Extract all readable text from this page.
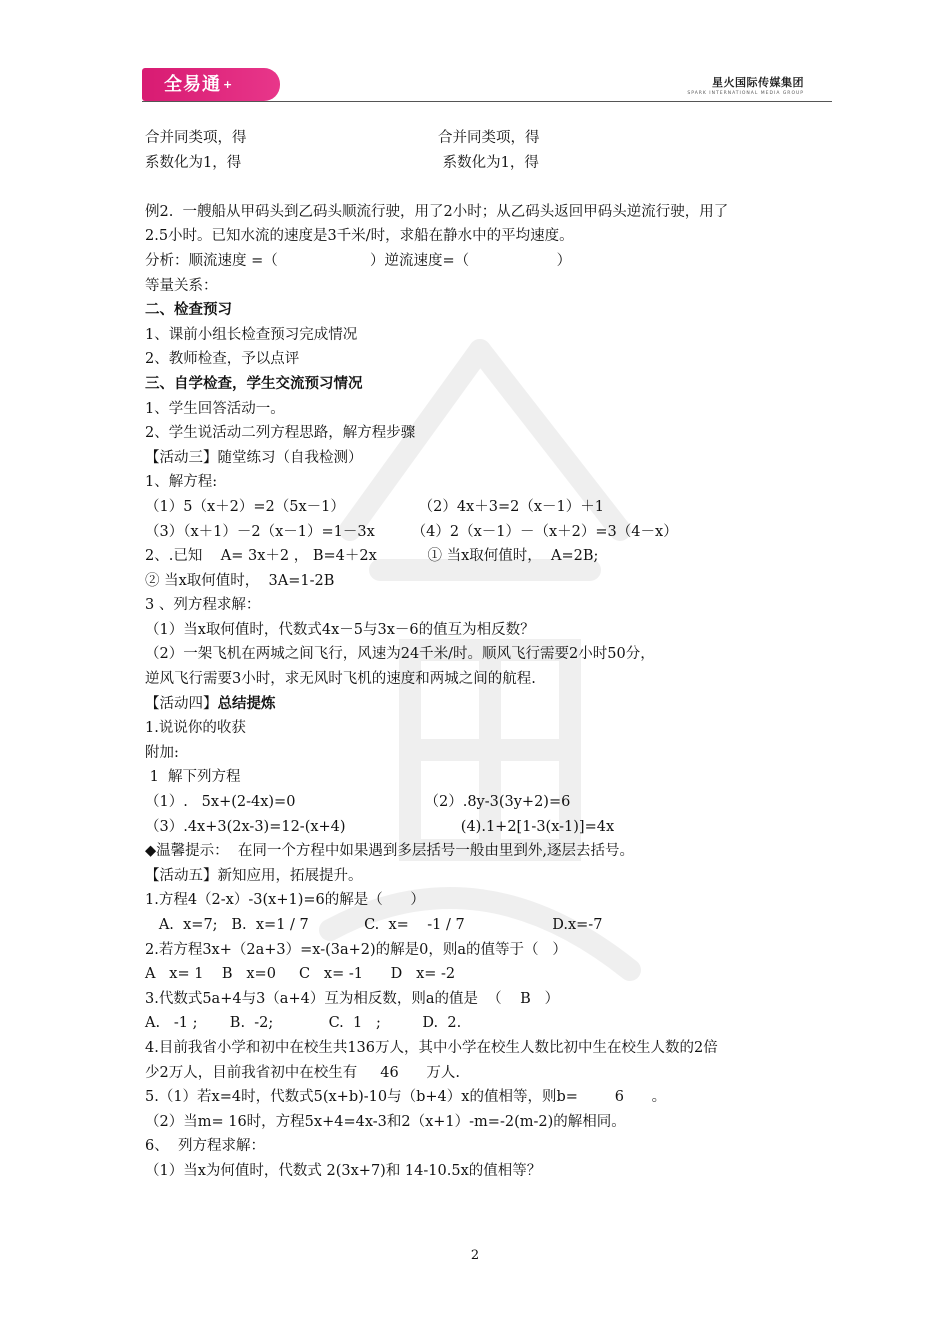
全易通 +	星火国际传媒集团
SPARK INTERNATIONAL MEDIA GROUP
合并同类项，得	合并同类项，得
系数化为1，得	系数化为1，得
例2.  一艘船从甲码头到乙码头顺流行驶，用了2小时；从乙码头返回甲码头逆流行驶，用了
2.5小时。已知水流的速度是3千米/时，求船在静水中的平均速度。
分析：顺流速度 =（                    ）逆流速度=（                   ）
等量关系：
二、检查预习
1、课前小组长检查预习完成情况
2、教师检查，予以点评
三、自学检查，学生交流预习情况
1、学生回答活动一。
2、学生说活动二列方程思路，解方程步骤
【活动三】随堂练习（自我检测）
1、解方程:
（1）5（x＋2）=2（5x－1）                （2）4x＋3=2（x－1）＋1
（3）（x＋1）－2（x－1）=1－3x        （4）2（x－1）－（x＋2）=3（4－x）
2、.已知    A= 3x＋2 ， B=4＋2x           ① 当x取何值时，  A=2B;
② 当x取何值时，  3A=1-2B
3 、列方程求解：
（1）当x取何值时，代数式4x－5与3x－6的值互为相反数？
（2）一架飞机在两城之间飞行，风速为24千米/时。顺风飞行需要2小时50分，
逆风飞行需要3小时，求无风时飞机的速度和两城之间的航程.
【活动四】总结提炼
1.说说你的收获
附加:
1  解下列方程
（1）.   5x+(2-4x)=0                            （2）.8y-3(3y+2)=6
（3）.4x+3(2x-3)=12-(x+4)                         (4).1+2[1-3(x-1)]=4x
◆温馨提示：  在同一个方程中如果遇到多层括号一般由里到外,逐层去括号。
【活动五】新知应用，拓展提升。
1.方程4（2-x）-3(x+1)=6的解是（      ）
A.  x=7;   B.  x=1 / 7            C.  x=    -1 / 7                   D.x=-7
2.若方程3x+（2a+3）=x-(3a+2)的解是0，则a的值等于（   ）
A   x= 1    B   x=0     C   x= -1      D   x= -2
3.代数式5a+4与3（a+4）互为相反数，则a的值是  （    B   ）
A.   -1 ;       B.  -2;            C.  1   ;         D.  2.
4.目前我省小学和初中在校生共136万人，其中小学在校生人数比初中生在校生人数的2倍
少2万人，目前我省初中在校生有     46      万人.
5.（1）若x=4时，代数式5(x+b)-10与（b+4）x的值相等，则b=        6      。
（2）当m= 16时，方程5x+4=4x-3和2（x+1）-m=-2(m-2)的解相同。
6、  列方程求解：
（1）当x为何值时，代数式 2(3x+7)和 14-10.5x的值相等？
2
